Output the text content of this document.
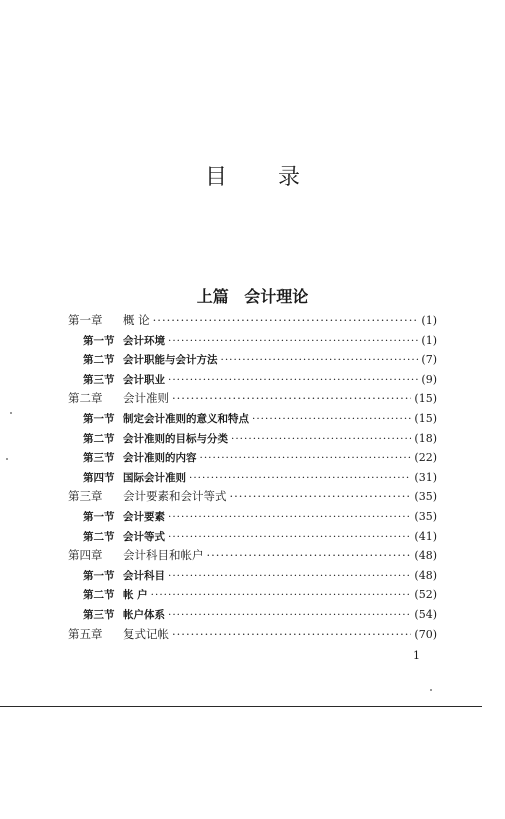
目 录
上篇 会计理论
第一章	概 论 ·····	(1)
第一节 会计环境 ·····	(1)
第二节 会计职能与会计方法 ·····	(7)
第三节 会计职业 ·····	(9)
第二章	会计准则 ·····	(15)
第一节 制定会计准则的意义和特点 ·····	(15)
第二节 会计准则的目标与分类 ·····	(18)
第三节 会计准则的内容 ·····	(22)
第四节 国际会计准则 ·····	(31)
第三章	会计要素和会计等式 ·····	(35)
第一节 会计要素 ·····	(35)
第二节 会计等式 ·····	(41)
第四章	会计科目和帐户 ·····	(48)
第一节 会计科目 ·····	(48)
第二节 帐 户 ·····	(52)
第三节 帐户体系 ·····	(54)
第五章	复式记帐 ·····	(70)
1
